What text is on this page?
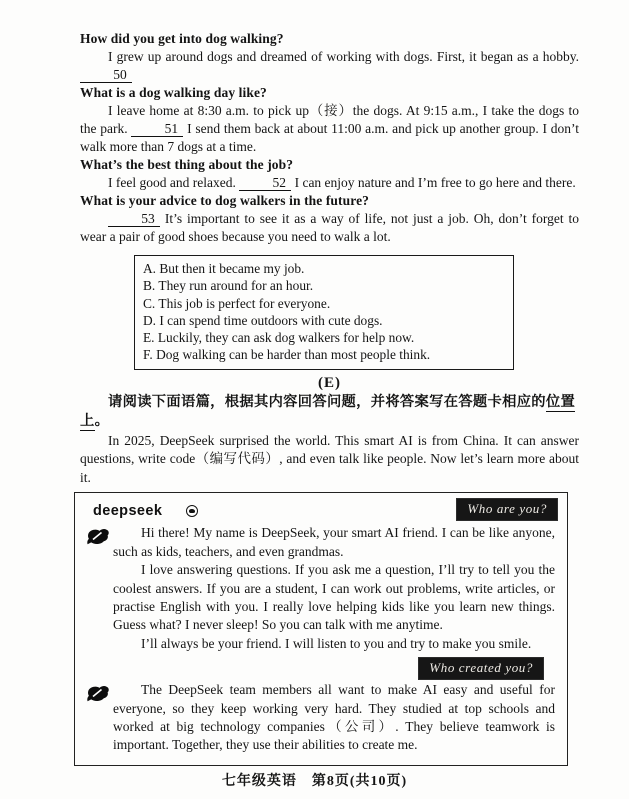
How did you get into dog walking?

I grew up around dogs and dreamed of working with dogs. First, it began as a hobby. 50

What is a dog walking day like?

I leave home at 8:30 a.m. to pick up（接）the dogs. At 9:15 a.m., I take the dogs to the park. 51 I send them back at about 11:00 a.m. and pick up another group. I don’t walk more than 7 dogs at a time.

What’s the best thing about the job?

I feel good and relaxed. 52 I can enjoy nature and I’m free to go here and there.

What is your advice to dog walkers in the future?

53 It’s important to see it as a way of life, not just a job. Oh, don’t forget to wear a pair of good shoes because you need to walk a lot.

A. But then it became my job.
B. They run around for an hour.
C. This job is perfect for everyone.
D. I can spend time outdoors with cute dogs.
E. Luckily, they can ask dog walkers for help now.
F. Dog walking can be harder than most people think.
(E)

请阅读下面语篇，根据其内容回答问题，并将答案写在答题卡相应的位置上。

In 2025, DeepSeek surprised the world. This smart AI is from China. It can answer questions, write code（编写代码）, and even talk like people. Now let’s learn more about it.

deepseek	Who are you?

Hi there! My name is DeepSeek, your smart AI friend. I can be like anyone, such as kids, teachers, and even grandmas.

I love answering questions. If you ask me a question, I’ll try to tell you the coolest answers. If you are a student, I can work out problems, write articles, or practise English with you. I really love helping kids like you learn new things. Guess what? I never sleep! So you can talk with me anytime.

I’ll always be your friend. I will listen to you and try to make you smile.

Who created you?

The DeepSeek team members all want to make AI easy and useful for everyone, so they keep working very hard. They studied at top schools and worked at big technology companies（公司）. They believe teamwork is important. Together, they use their abilities to create me.

七年级英语　第8页(共10页)
